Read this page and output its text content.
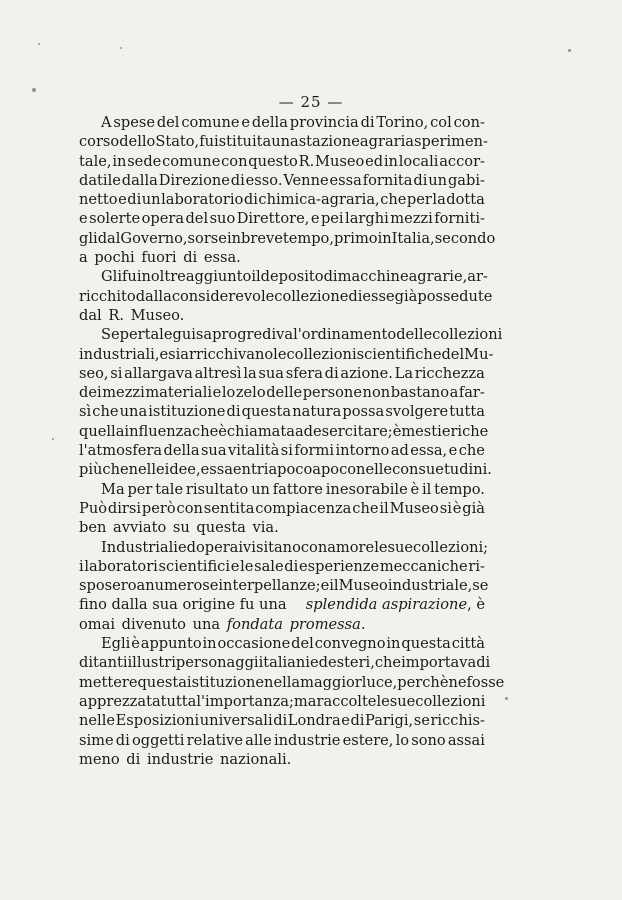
— 25 —
A spese del comune e della provincia di Torino, col con-
corso dello Stato, fu istituita una stazione agraria sperimen-
tale, in sede comune con questo R. Museo ed in locali accor-
datile dalla Direzione di esso. Venne essa fornita di un gabi-
netto e di un laboratorio di chimica-agraria, che per la dotta
e solerte opera del suo Direttore, e pei larghi mezzi forniti-
gli dal Governo, sorse in breve tempo, primo in Italia, secondo
a pochi fuori di essa.
Gli fu inoltre aggiunto il deposito di macchine agrarie, ar-
ricchito dalla considerevole collezione di esse già possedute
dal R. Museo.
Se per tale guisa progrediva l'ordinamento delle collezioni
industriali, e si arricchivano le collezioni scientifiche del Mu-
seo, si allargava altresì la sua sfera di azione. La ricchezza
dei mezzi materiali e lo zelo delle persone non bastano a far-
sì che una istituzione di questa natura possa svolgere tutta
quella influenza che è chiamata ad esercitare; è mestieri che
l'atmosfera della sua vitalità si formi intorno ad essa, e che
più che nelle idee, essa entri a poco a poco nelle consuetudini.
Ma per tale risultato un fattore inesorabile è il tempo.
Può dirsi però con sentita compiacenza che il Museo si è già
ben avviato su questa via.
Industriali ed operai visitano con amore le sue collezioni;
i laboratori scientifici e le sale di esperienze meccaniche ri-
sposero a numerose interpellanze; e il Museo industriale, se
fino dalla sua origine fu una splendida aspirazione, è
omai divenuto una
fondata promessa .
Egli è appunto in occasione del convegno in questa città
di tanti illustri personaggi italiani ed esteri, che importava di
mettere questa istituzione nella maggior luce, perchè ne fosse
apprezzata tutta l'importanza; ma raccolte le sue collezioni
nelle Esposizioni universali di Londra e di Parigi, se ricchis-
sime di oggetti relative alle industrie estere, lo sono assai
meno di industrie nazionali.
